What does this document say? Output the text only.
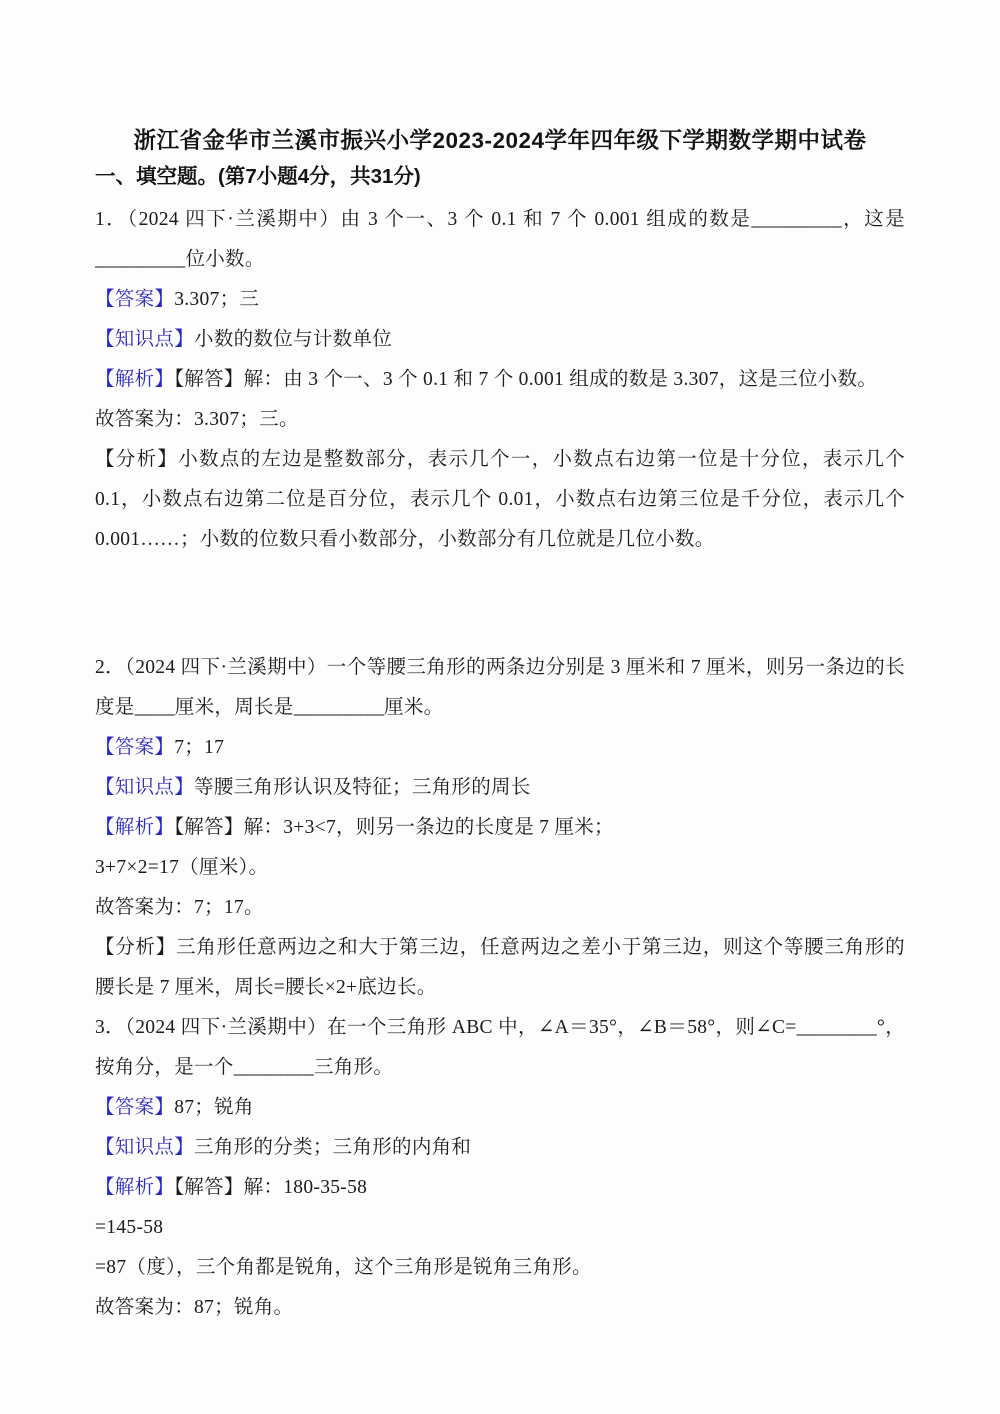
浙江省金华市兰溪市振兴小学2023-2024学年四年级下学期数学期中试卷
一、填空题。(第7小题4分，共31分)

1．（2024 四下·兰溪期中）由 3 个一、3 个 0.1 和 7 个 0.001 组成的数是_________，这是_________位小数。

【答案】3.307；三

【知识点】小数的数位与计数单位

【解析】【解答】解：由 3 个一、3 个 0.1 和 7 个 0.001 组成的数是 3.307，这是三位小数。

故答案为：3.307；三。

【分析】小数点的左边是整数部分，表示几个一，小数点右边第一位是十分位，表示几个 0.1，小数点右边第二位是百分位，表示几个 0.01，小数点右边第三位是千分位，表示几个 0.001……；小数的位数只看小数部分，小数部分有几位就是几位小数。

2．（2024 四下·兰溪期中）一个等腰三角形的两条边分别是 3 厘米和 7 厘米，则另一条边的长度是____厘米，周长是_________厘米。

【答案】7；17

【知识点】等腰三角形认识及特征；三角形的周长

【解析】【解答】解：3+3<7，则另一条边的长度是 7 厘米；

3+7×2=17（厘米）。

故答案为：7；17。

【分析】三角形任意两边之和大于第三边，任意两边之差小于第三边，则这个等腰三角形的腰长是 7 厘米，周长=腰长×2+底边长。

3．（2024 四下·兰溪期中）在一个三角形 ABC 中，∠A＝35°，∠B＝58°，则∠C=________°，按角分，是一个________三角形。

【答案】87；锐角

【知识点】三角形的分类；三角形的内角和

【解析】【解答】解：180-35-58

=145-58

=87（度），三个角都是锐角，这个三角形是锐角三角形。

故答案为：87；锐角。
